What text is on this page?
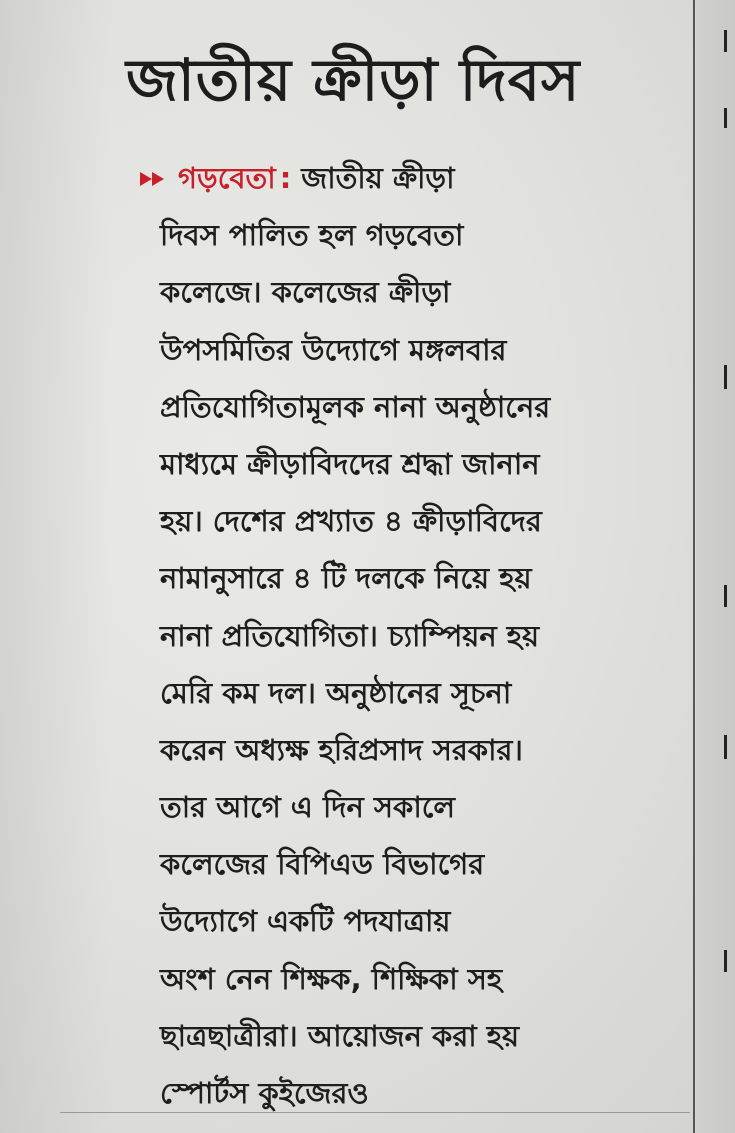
জাতীয় ক্রীড়া দিবস
গড়বেতা : জাতীয় ক্রীড়া
দিবস পালিত হল গড়বেতা
কলেজে। কলেজের ক্রীড়া
উপসমিতির উদ্যোগে মঙ্গলবার
প্রতিযোগিতামূলক নানা অনুষ্ঠানের
মাধ্যমে ক্রীড়াবিদদের শ্রদ্ধা জানান
হয়। দেশের প্রখ্যাত ৪ ক্রীড়াবিদের
নামানুসারে ৪ টি দলকে নিয়ে হয়
নানা প্রতিযোগিতা। চ্যাম্পিয়ন হয়
মেরি কম দল। অনুষ্ঠানের সূচনা
করেন অধ্যক্ষ হরিপ্রসাদ সরকার।
তার আগে এ দিন সকালে
কলেজের বিপিএড বিভাগের
উদ্যোগে একটি পদযাত্রায়
অংশ নেন শিক্ষক, শিক্ষিকা সহ
ছাত্রছাত্রীরা। আয়োজন করা হয়
স্পোর্টস কুইজেরও
